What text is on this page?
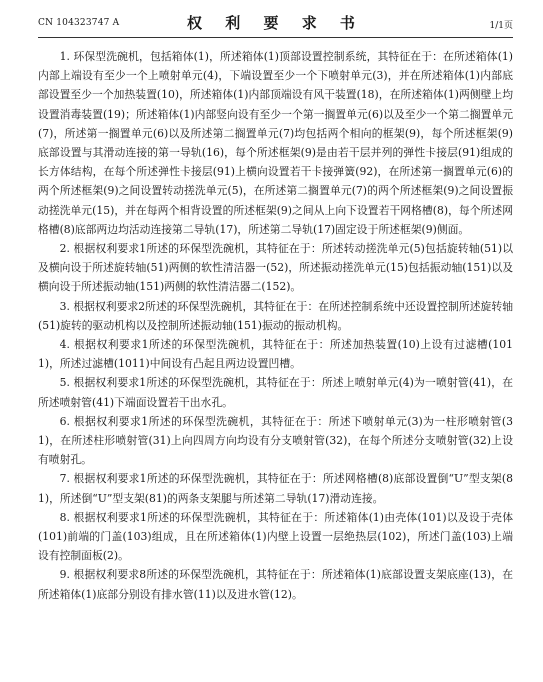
CN 104323747 A	权 利 要 求 书	1/1页

1. 环保型洗碗机，包括箱体(1)，所述箱体(1)顶部设置控制系统，其特征在于：在所述箱体(1)内部上端设有至少一个上喷射单元(4)，下端设置至少一个下喷射单元(3)，并在所述箱体(1)内部底部设置至少一个加热装置(10)，所述箱体(1)内部顶端设有风干装置(18)，在所述箱体(1)两侧壁上均设置消毒装置(19)；所述箱体(1)内部竖向设有至少一个第一搁置单元(6)以及至少一个第二搁置单元(7)，所述第一搁置单元(6)以及所述第二搁置单元(7)均包括两个相向的框架(9)，每个所述框架(9)底部设置与其滑动连接的第一导轨(16)，每个所述框架(9)是由若干层并列的弹性卡接层(91)组成的长方体结构，在每个所述弹性卡接层(91)上横向设置若干卡接弹簧(92)，在所述第一搁置单元(6)的两个所述框架(9)之间设置转动搓洗单元(5)，在所述第二搁置单元(7)的两个所述框架(9)之间设置振动搓洗单元(15)，并在每两个相背设置的所述框架(9)之间从上向下设置若干网格槽(8)，每个所述网格槽(8)底部两边均活动连接第二导轨(17)，所述第二导轨(17)固定设于所述框架(9)侧面。

2. 根据权利要求1所述的环保型洗碗机，其特征在于：所述转动搓洗单元(5)包括旋转轴(51)以及横向设于所述旋转轴(51)两侧的软性清洁器一(52)，所述振动搓洗单元(15)包括振动轴(151)以及横向设于所述振动轴(151)两侧的软性清洁器二(152)。

3. 根据权利要求2所述的环保型洗碗机，其特征在于：在所述控制系统中还设置控制所述旋转轴(51)旋转的驱动机构以及控制所述振动轴(151)振动的振动机构。

4. 根据权利要求1所述的环保型洗碗机，其特征在于：所述加热装置(10)上设有过滤槽(1011)，所述过滤槽(1011)中间设有凸起且两边设置凹槽。

5. 根据权利要求1所述的环保型洗碗机，其特征在于：所述上喷射单元(4)为一喷射管(41)，在所述喷射管(41)下端面设置若干出水孔。

6. 根据权利要求1所述的环保型洗碗机，其特征在于：所述下喷射单元(3)为一柱形喷射管(31)，在所述柱形喷射管(31)上向四周方向均设有分支喷射管(32)，在每个所述分支喷射管(32)上设有喷射孔。

7. 根据权利要求1所述的环保型洗碗机，其特征在于：所述网格槽(8)底部设置倒“U”型支架(81)，所述倒“U”型支架(81)的两条支架腿与所述第二导轨(17)滑动连接。

8. 根据权利要求1所述的环保型洗碗机，其特征在于：所述箱体(1)由壳体(101)以及设于壳体(101)前端的门盖(103)组成，且在所述箱体(1)内壁上设置一层绝热层(102)，所述门盖(103)上端设有控制面板(2)。

9. 根据权利要求8所述的环保型洗碗机，其特征在于：所述箱体(1)底部设置支架底座(13)，在所述箱体(1)底部分别设有排水管(11)以及进水管(12)。
